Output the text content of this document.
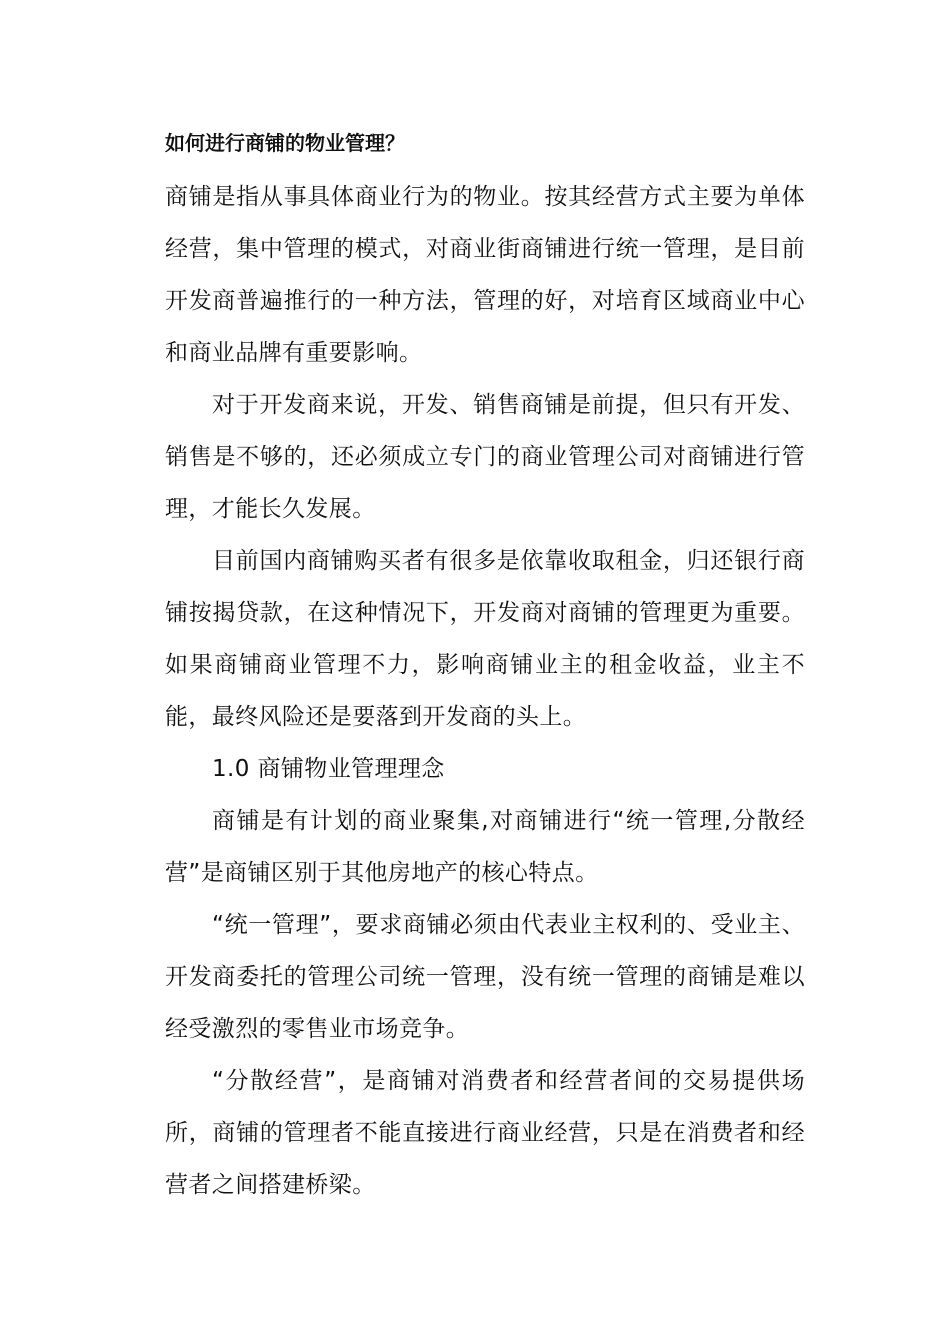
如何进行商铺的物业管理？

商铺是指从事具体商业行为的物业。按其经营方式主要为单体经营，集中管理的模式，对商业街商铺进行统一管理，是目前开发商普遍推行的一种方法，管理的好，对培育区域商业中心和商业品牌有重要影响。

对于开发商来说，开发、销售商铺是前提，但只有开发、销售是不够的，还必须成立专门的商业管理公司对商铺进行管理，才能长久发展。

目前国内商铺购买者有很多是依靠收取租金，归还银行商铺按揭贷款，在这种情况下，开发商对商铺的管理更为重要。如果商铺商业管理不力，影响商铺业主的租金收益，业主不能，最终风险还是要落到开发商的头上。

1.0 商铺物业管理理念

商铺是有计划的商业聚集,对商铺进行“统一管理,分散经营”是商铺区别于其他房地产的核心特点。

“统一管理”，要求商铺必须由代表业主权利的、受业主、开发商委托的管理公司统一管理，没有统一管理的商铺是难以经受激烈的零售业市场竞争。

“分散经营”，是商铺对消费者和经营者间的交易提供场所，商铺的管理者不能直接进行商业经营，只是在消费者和经营者之间搭建桥梁。
